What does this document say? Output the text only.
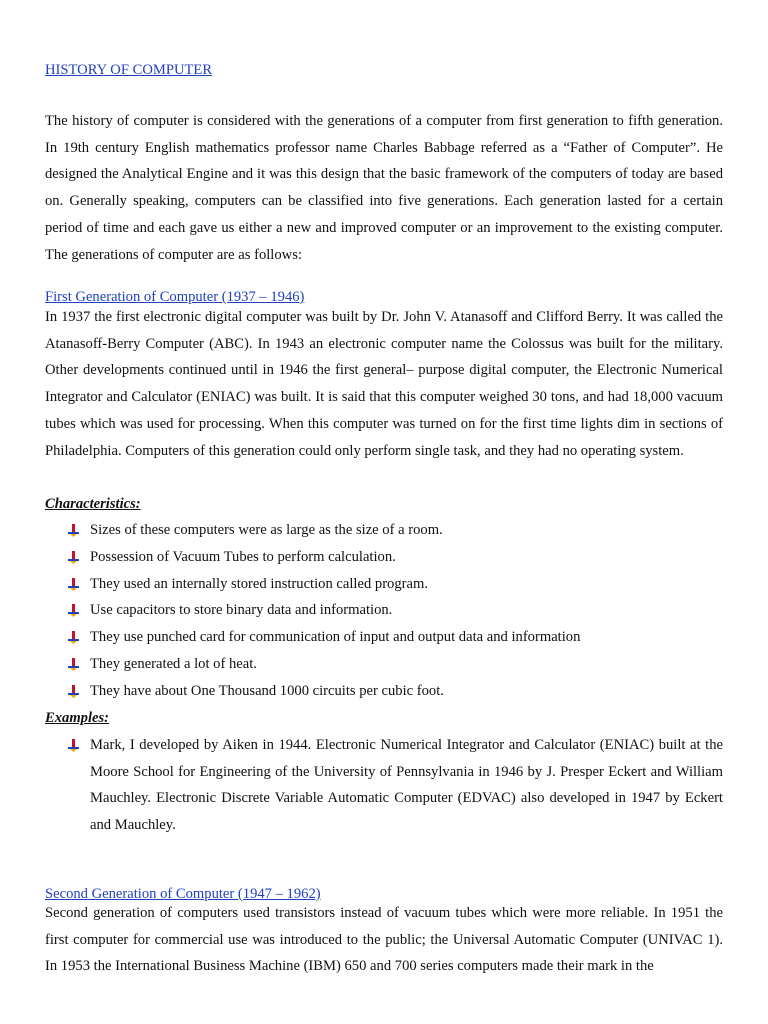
HISTORY OF COMPUTER

The history of computer is considered with the generations of a computer from first generation to fifth generation. In 19th century English mathematics professor name Charles Babbage referred as a “Father of Computer”. He designed the Analytical Engine and it was this design that the basic framework of the computers of today are based on. Generally speaking, computers can be classified into five generations. Each generation lasted for a certain period of time and each gave us either a new and improved computer or an improvement to the existing computer. The generations of computer are as follows:

First Generation of Computer (1937 – 1946)

In 1937 the first electronic digital computer was built by Dr. John V. Atanasoff and Clifford Berry. It was called the Atanasoff-Berry Computer (ABC). In 1943 an electronic computer name the Colossus was built for the military. Other developments continued until in 1946 the first general– purpose digital computer, the Electronic Numerical Integrator and Calculator (ENIAC) was built. It is said that this computer weighed 30 tons, and had 18,000 vacuum tubes which was used for processing. When this computer was turned on for the first time lights dim in sections of Philadelphia. Computers of this generation could only perform single task, and they had no operating system.

Characteristics:
Sizes of these computers were as large as the size of a room.
Possession of Vacuum Tubes to perform calculation.
They used an internally stored instruction called program.
Use capacitors to store binary data and information.
They use punched card for communication of input and output data and information
They generated a lot of heat.
They have about One Thousand 1000 circuits per cubic foot.
Examples:

Mark, I developed by Aiken in 1944. Electronic Numerical Integrator and Calculator (ENIAC) built at the Moore School for Engineering of the University of Pennsylvania in 1946 by J. Presper Eckert and William Mauchley. Electronic Discrete Variable Automatic Computer (EDVAC) also developed in 1947 by Eckert and Mauchley.

Second Generation of Computer (1947 – 1962)

Second generation of computers used transistors instead of vacuum tubes which were more reliable. In 1951 the first computer for commercial use was introduced to the public; the Universal Automatic Computer (UNIVAC 1). In 1953 the International Business Machine (IBM) 650 and 700 series computers made their mark in the
